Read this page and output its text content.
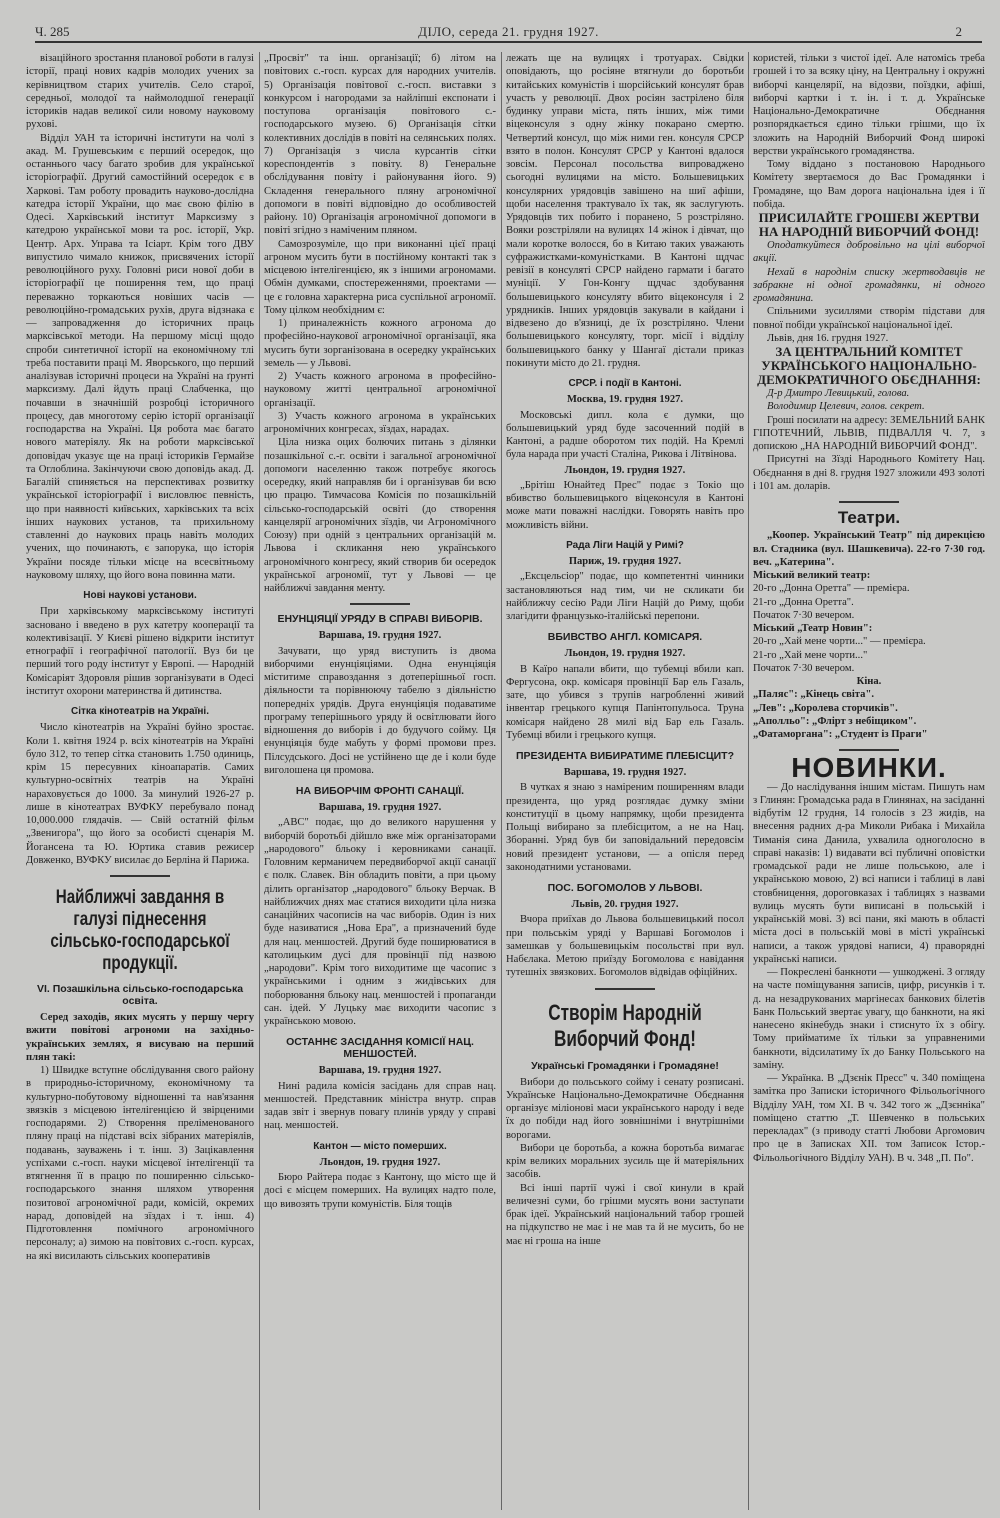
Ч. 285	ДІЛО, середа 21. грудня 1927.	2

візаційного зростання планової роботи в галузі історії, праці нових кадрів молодих учених за керівництвом старих учителів. Село старої, середньої, молодої та наймолодшої генерації істориків надав великої сили новому науковому рухові.

Відділ УАН та історичні інститути на чолі з акад. М. Грушевським є перший осередок, що останнього часу багато зробив для української історіографії. Другий самостійний осередок є в Харкові. Там роботу провадить науково-дослідна катедра історії України, що має свою філію в Одесі. Харківський інститут Марксизму з катедрою української мови та рос. історії, Укр. Центр. Арх. Управа та Ісіарт. Крім того ДВУ випустило чимало книжок, присвячених історії революційного руху. Головні риси нової доби в історіографії це поширення тем, що праці переважно торкаються новіших часів — революційно-громадських рухів, друга відзнака є — запровадження до історичних праць марксівської методи. На першому місці щодо спроби синтетичної історії на економічному тлі треба поставити праці М. Яворського, що перший аналізував історичні процеси на Україні на ґрунті марксизму. Далі йдуть праці Слабченка, що почавши в значнішій розробці історичного процесу, дав многотому серію історії організації господарства на Україні. Ця робота має багато нового матеріялу. Як на роботи марксівської доповідач указує ще на праці істориків Гермайзе та Оглоблина. Закінчуючи свою доповідь акад. Д. Багалій спиняється на перспективах розвитку української історіографії і висловлює певність, що при наявності київських, харківських та всіх інших наукових установ, та прихильному ставленні до наукових праць навіть молодих учених, що починають, є запорука, що історія України посяде тільки місце на всесвітньому науковому шляху, що його вона повинна мати.

Нові наукові установи.

При харківському марксівському інституті засновано і введено в рух катетру кооперації та колективізації. У Києві рішено відкрити інститут етнографії і географічної патології. Вуз би це перший того роду інститут у Европі. — Народній Комісаріят Здоровля рішив зорганізувати в Одесі інститут охорони материнства й дитинства.

Сітка кінотеатрів на Україні.

Число кінотеатрів на Україні буйно зростає. Коли 1. квітня 1924 р. всіх кінотеатрів на Україні було 312, то тепер сітка становить 1.750 одиниць, крім 15 пересувних кіноапаратів. Самих культурно-освітніх театрів на Україні нараховується до 1000. За минулий 1926-27 р. лише в кінотеатрах ВУФКУ перебувало понад 10,000.000 глядачів. — Свій остатній фільм „Звенигора", що його за особисті сценарія М. Йогансена та Ю. Юртика ставив режисер Довженко, ВУФКУ висилає до Берліна й Парижа.

Найближчі завдання в галузі піднесення сільсько-господарської продукції.
VI. Позашкільна сільсько-господарська освіта.

Серед заходів, яких мусять у першу чергу вжити повітові агрономи на західньо-українських землях, я висуваю на перший плян такі:

1) Швидке вступне обслідування свого району в природньо-історичному, економічному та культурно-побутовому відношенні та нав'язання звязків з місцевою інтелігенцією й звірценими господарями. 2) Створення преліменованого пляну праці на підставі всіх зібраних матеріялів, подавань, зауважень і т. інш. 3) Зацікавлення успіхами с.-госп. науки місцевої інтелігенції та втягнення її в працю по поширенню сільсько-господарського знання шляхом утворення позитової агрономічної ради, комісій, окремих нарад, доповідей на зїздах і т. інш. 4) Підготовлення помічного агрономічного персоналу; а) зимою на повітових с.-госп. курсах, на які висилають сільських кооперативів

„Просвіт" та інш. організації; б) літом на повітових с.-госп. курсах для народних учителів. 5) Організація повітової с.-госп. виставки з конкурсом і нагородами за найліпші експонати і поступова організація повітового с.-господарського музею. 6) Організація сітки колективних дослідів в повіті на селянських полях. 7) Організація з числа курсантів сітки кореспондентів з повіту. 8) Генеральне обслідування повіту і районування його. 9) Складення генерального пляну агрономічної допомоги в повіті відповідно до особливостей району. 10) Організація агрономічної допомоги в повіті згідно з наміченим пляном.

Самозрозуміле, що при виконанні цієї праці агроном мусить бути в постійному контакті так з місцевою інтелігенцією, як з іншими агрономами. Обмін думками, спостереженнями, проектами — це є головна характерна риса суспільної агрономії. Тому цілком необхідним є:

1) приналежність кожного агронома до професійно-наукової агрономічної організації, яка мусить бути зорганізована в осередку українських земель — у Львові.

2) Участь кожного агронома в професійно-науковому житті центральної агрономічної організації.

3) Участь кожного агронома в українських агрономічних конгресах, зїздах, нарадах.

Ціла низка оцих болючих питань з ділянки позашкільної с.-г. освіти і загальної агрономічної допомоги населенню також потребує якогось осередку, який направляв би і організував би всю цю працю. Тимчасова Комісія по позашкільній сільсько-господарській освіті (до створення канцелярії агрономічних зїздів, чи Агрономічного Союзу) при одній з центральних організацій м. Львова і скликання нею українського агрономічного конгресу, який створив би осередок української агрономії, тут у Львові — це найближчі завдання менту.

ЕНУНЦІЯЦІЇ УРЯДУ В СПРАВІ ВИБОРІВ.
Варшава, 19. грудня 1927.

Зачувати, що уряд виступить із двома виборчими енунціяціями. Одна енунціяція міститиме справоздання з дотеперішньої госп. діяльности та порівнюючу табелю з діяльністю попередніх урядів. Друга енунціяція подаватиме програму теперішнього уряду й освітлювати його відношення до виборів і до будучого сойму. Ця енунціяція буде мабуть у формі промови през. Пілсудського. Досі не устійнено ще де і коли буде виголошена ця промова.

НА ВИБОРЧІМ ФРОНТІ САНАЦІЇ.
Варшава, 19. грудня 1927.

„АВС" подає, що до великого нарушення у виборчій боротьбі дійшло вже між організаторами „народового" бльоку і керовниками санації. Головним керманичем передвиборчої акції санації є полк. Славек. Він обладить повіти, а при цьому ділить організатор „народового" бльоку Верчак. В найближчих днях має статися виходити ціла низка санаційних часописів на час виборів. Один із них буде називатися „Нова Ера", а призначений буде для нац. меншостей. Другий буде поширюватися в католицьким дусі для провінції під назвою „народови". Крім того виходитиме ще часопис з українськими і одним з жидівських для поборювання бльоку нац. меншостей і пропаганди сан. ідей. У Луцьку має виходити часопис з українською мовою.

ОСТАННЄ ЗАСІДАННЯ КОМІСІЇ НАЦ. МЕНШОСТЕЙ.
Варшава, 19. грудня 1927.

Нині радила комісія засідань для справ нац. меншостей. Представник міністра внутр. справ задав звіт і звернув повагу плинів уряду у справі нац. меншостей.

Кантон — місто померших.
Льондон, 19. грудня 1927.

Бюро Райтера подає з Кантону, що місто ще й досі є місцем померших. На вулицях надто поле, що вивозять трупи комуністів. Біля тощів

лежать ще на вулицях і тротуарах. Свідки оповідають, що росіяне втягнули до боротьби китайських комуністів і шорсійський консулят брав участь у революції. Двох росіян застрілено біля будинку управи міста, пять інших, між тими віцеконсуля з одну жінку покарано смертю. Четвертий консул, що між ними ген. консуля СРСР взято в полон. Консулят СРСР у Кантоні вдалося зовсім. Персонал посольства випроваджено сьогодні вулицями на місто. Большевицьких консулярних урядовців завішено на шиї афіши, щоби населення трактувало їх так, як заслугують. Урядовців тих побито і поранено, 5 розстріляно. Вояки розстріляли на вулицях 14 жінок і дівчат, що мали коротке волосся, бо в Китаю таких уважають суфражистками-комуністками. В Кантоні щдчас ревізії в консуляті СРСР найдено гармати і багато муніції. У Гон-Конгу щдчас здобування большевицького консуляту вбито віцеконсуля і 2 урядників. Інших урядовців закували в кайдани і відвезено до в'язниці, де їх розстріляно. Члени большевицького консуляту, торг. місії і відділу большевицького банку у Шангаї дістали приказ покинути місто до 21. грудня.

СРСР. і події в Кантоні.
Москва, 19. грудня 1927.

Московські дипл. кола є думки, що большевицький уряд буде засоченний подій в Кантоні, а радше оборотом тих подій. На Кремлі була нарада при участі Сталіна, Рикова і Літвінова.

Льондон, 19. грудня 1927.

„Брітіш Юнайтед Прес" подає з Токіо що вбивство большевицького віцеконсуля в Кантоні може мати поважні наслідки. Говорять навіть про можливість війни.

Рада Ліги Націй у Римі?
Париж, 19. грудня 1927.

„Ексцельсіор" подає, що компетентні чинники застановляються над тим, чи не скликати би найближчу сесію Ради Ліги Націй до Риму, щоби злагідити французько-італійські перепони.

ВБИВСТВО АНГЛ. КОМІСАРЯ.
Льондон, 19. грудня 1927.

В Каїро напали вбити, що тубемці вбили кап. Фергусона, окр. комісаря провінції Бар ель Газаль, зате, що убився з трупів нагробленні живий інвентар грецького купця Папінтопульоса. Труна комісаря найдено 28 милі від Бар ель Газаль. Тубемці вбили і грецького купця.

ПРЕЗИДЕНТА ВИБИРАТИМЕ ПЛЕБІСЦИТ?
Варшава, 19. грудня 1927.

В чутках я знаю з наміреним поширенням влади президента, що уряд розглядає думку зміни конституції в цьому напрямку, щоби президента Польщі вибирано за плебісцитом, а не на Нац. Зборанні. Уряд був би заповідальний передовсім новий президент установи, — а опісля перед законодатними установами.

ПОС. БОГОМОЛОВ У ЛЬВОВІ.
Львів, 20. грудня 1927.

Вчора приїхав до Львова большевицький посол при польськім уряді у Варшаві Богомолов і замешкав у большевицькім посольстві при вул. Набєлака. Метою приїзду Богомолова є навідання тутешніх звязкових. Богомолов відвідав офіційних.

Створім Народній Виборчий Фонд!
Українські Громадянки і Громадяне!

Вибори до польського сойму і сенату розписані. Українське Національно-Демократичне Обєднання організує міліонові маси українського народу і веде їх до побіди над його зовнішніми і внутрішніми ворогами.

Вибори це боротьба, а кожна боротьба вимагає крім великих моральних зусиль ще й матеріяльних засобів.

Всі інші партії чужі і свої кинули в край величезні суми, бо грішми мусять вони заступати брак ідеї. Український національний табор грошей на підкупство не має і не мав та й не мусить, бо не має ні гроша на інше

користей, тільки з чистої ідеї. Але натомісь треба грошей і то за всяку ціну, на Центральну і окружні виборчі канцелярії, на відозви, поїздки, афіші, виборчі картки і т. ін. і т. д. Українське Національно-Демократичне Обєднання розпорядкається єдино тільки грішми, що їх зложить на Народній Виборчий Фонд широкі верстви українського громадянства.

Тому віддано з постановою Народнього Комітету звертаємося до Вас Громадянки і Громадяне, що Вам дорога національна ідея і її побіда.

ПРИСИЛАЙТЕ ГРОШЕВІ ЖЕРТВИ НА НАРОДНІЙ ВИБОРЧИЙ ФОНД!

Оподаткуйтеся добровільно на цілі виборчої акції.

Нехай в народнім списку жертводавців не забракне ні одної громадянки, ні одного громадянина.

Спільними зусиллями створім підстави для повної побіди української національної ідеї.

Львів, дня 16. грудня 1927.

ЗА ЦЕНТРАЛЬНИЙ КОМІТЕТ УКРАЇНСЬКОГО НАЦІОНАЛЬНО-ДЕМОКРАТИЧНОГО ОБЄДНАННЯ:

Д-р Дмитро Левицький, голова.

Володимир Целевич, голов. секрет.

Гроші посилати на адресу: ЗЕМЕЛЬНИЙ БАНК ГІПОТЕЧНИЙ, ЛЬВІВ, ПІДВАЛЛЯ Ч. 7, з допискою „НА НАРОДНІЙ ВИБОРЧИЙ ФОНД".

Присутні на Зїзді Народнього Комітету Нац. Обєднання в дні 8. грудня 1927 зложили 493 золоті і 101 ам. доларів.

Театри.

„Коопер. Український Театр" під дирекцією вл. Стадника (вул. Шашкевича). 22-го 7·30 год. веч. „Катерина".

Міський великий театр:

20-го „Донна Оретта" — премієра.

21-го „Донна Оретта".

Початок 7·30 вечером.

Міський „Театр Новин":

20-го „Хай мене чорти..." — премієра.

21-го „Хай мене чорти..."

Початок 7·30 вечером.

Кіна.

„Паляс": „Кінець світа".

„Лев": „Королева сторчиків".

„Аполльо": „Флірт з небіщиком".

„Фатаморгана": „Студент із Праги"

НОВИНКИ.

— До наслідування іншим містам. Пишуть нам з Глинян: Громадська рада в Глинянах, на засіданні відбутім 12 грудня, 14 голосів з 23 жидів, на внесення радних д-ра Миколи Рибака і Михайла Тиманія сина Данила, ухвалила одноголосно в справі наказів: 1) видавати всі публичні оповістки громадської ради не лише польською, але і українською мовою, 2) всі написи і таблиці в лаві стовбницення, дороговказах і таблицях з назвами вулиць мусять бути виписані в польській і українській мові. 3) всі пани, які мають в області міста досі в польській мові в місті українські написи, а також урядові написи, 4) праворядні українські написи.

— Покреслені банкноти — ушкоджені. З огляду на часте поміщування записів, цифр, рисунків і т. д. на незадрукованих маргінесах банкових білетів Банк Польський звертає увагу, що банкноти, на які нанесено якінебудь знаки і стиснуто їх з обігу. Тому прийматиме їх тільки за управненими банкноти, відсилатиму їх до Банку Польського на заміну.

— Українка. В „Дзєнік Пресс" ч. 340 поміщена замітка про Записки історичного Фільольогічного Відділу УАН, том XI. В ч. 342 того ж „Дзєнніка" поміщено статтю „Т. Шевченко в польських перекладах" (з приводу статті Любови Аргомович про це в Записках XII. том Записок Істор.-Фільольогічного Відділу УАН). В ч. 348 „П. По".
